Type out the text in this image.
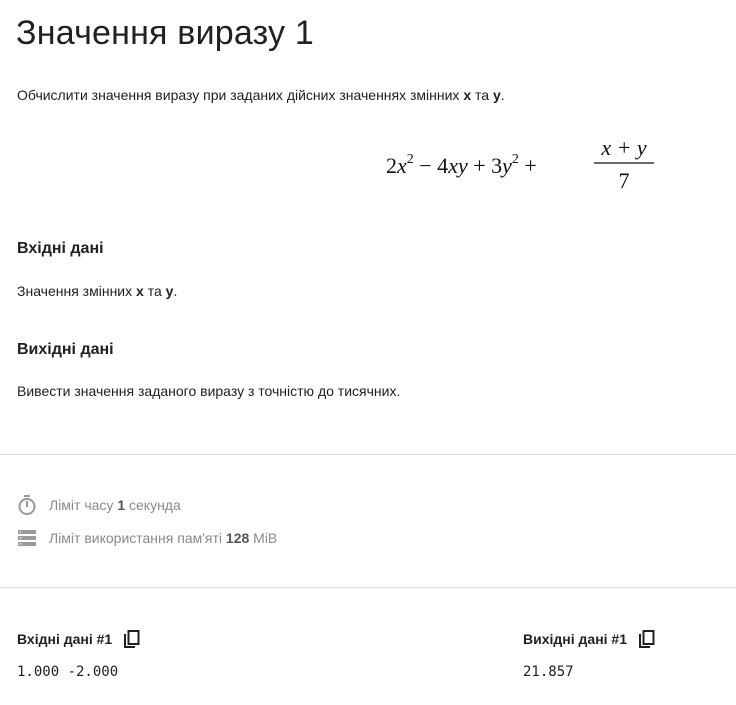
Значення виразу 1
Обчислити значення виразу при заданих дійсних значеннях змінних x та y.
$2x^2 - 4xy + 3y^2$ +
x + y
7
Вхідні дані
Значення змінних x та y.
Вихідні дані
Вивести значення заданого виразу з точністю до тисячних.
Ліміт часу 1 секунда
Ліміт використання пам'яті 128 MiB
Вхідні дані #1
1.000 -2.000
Вихідні дані #1
21.857
